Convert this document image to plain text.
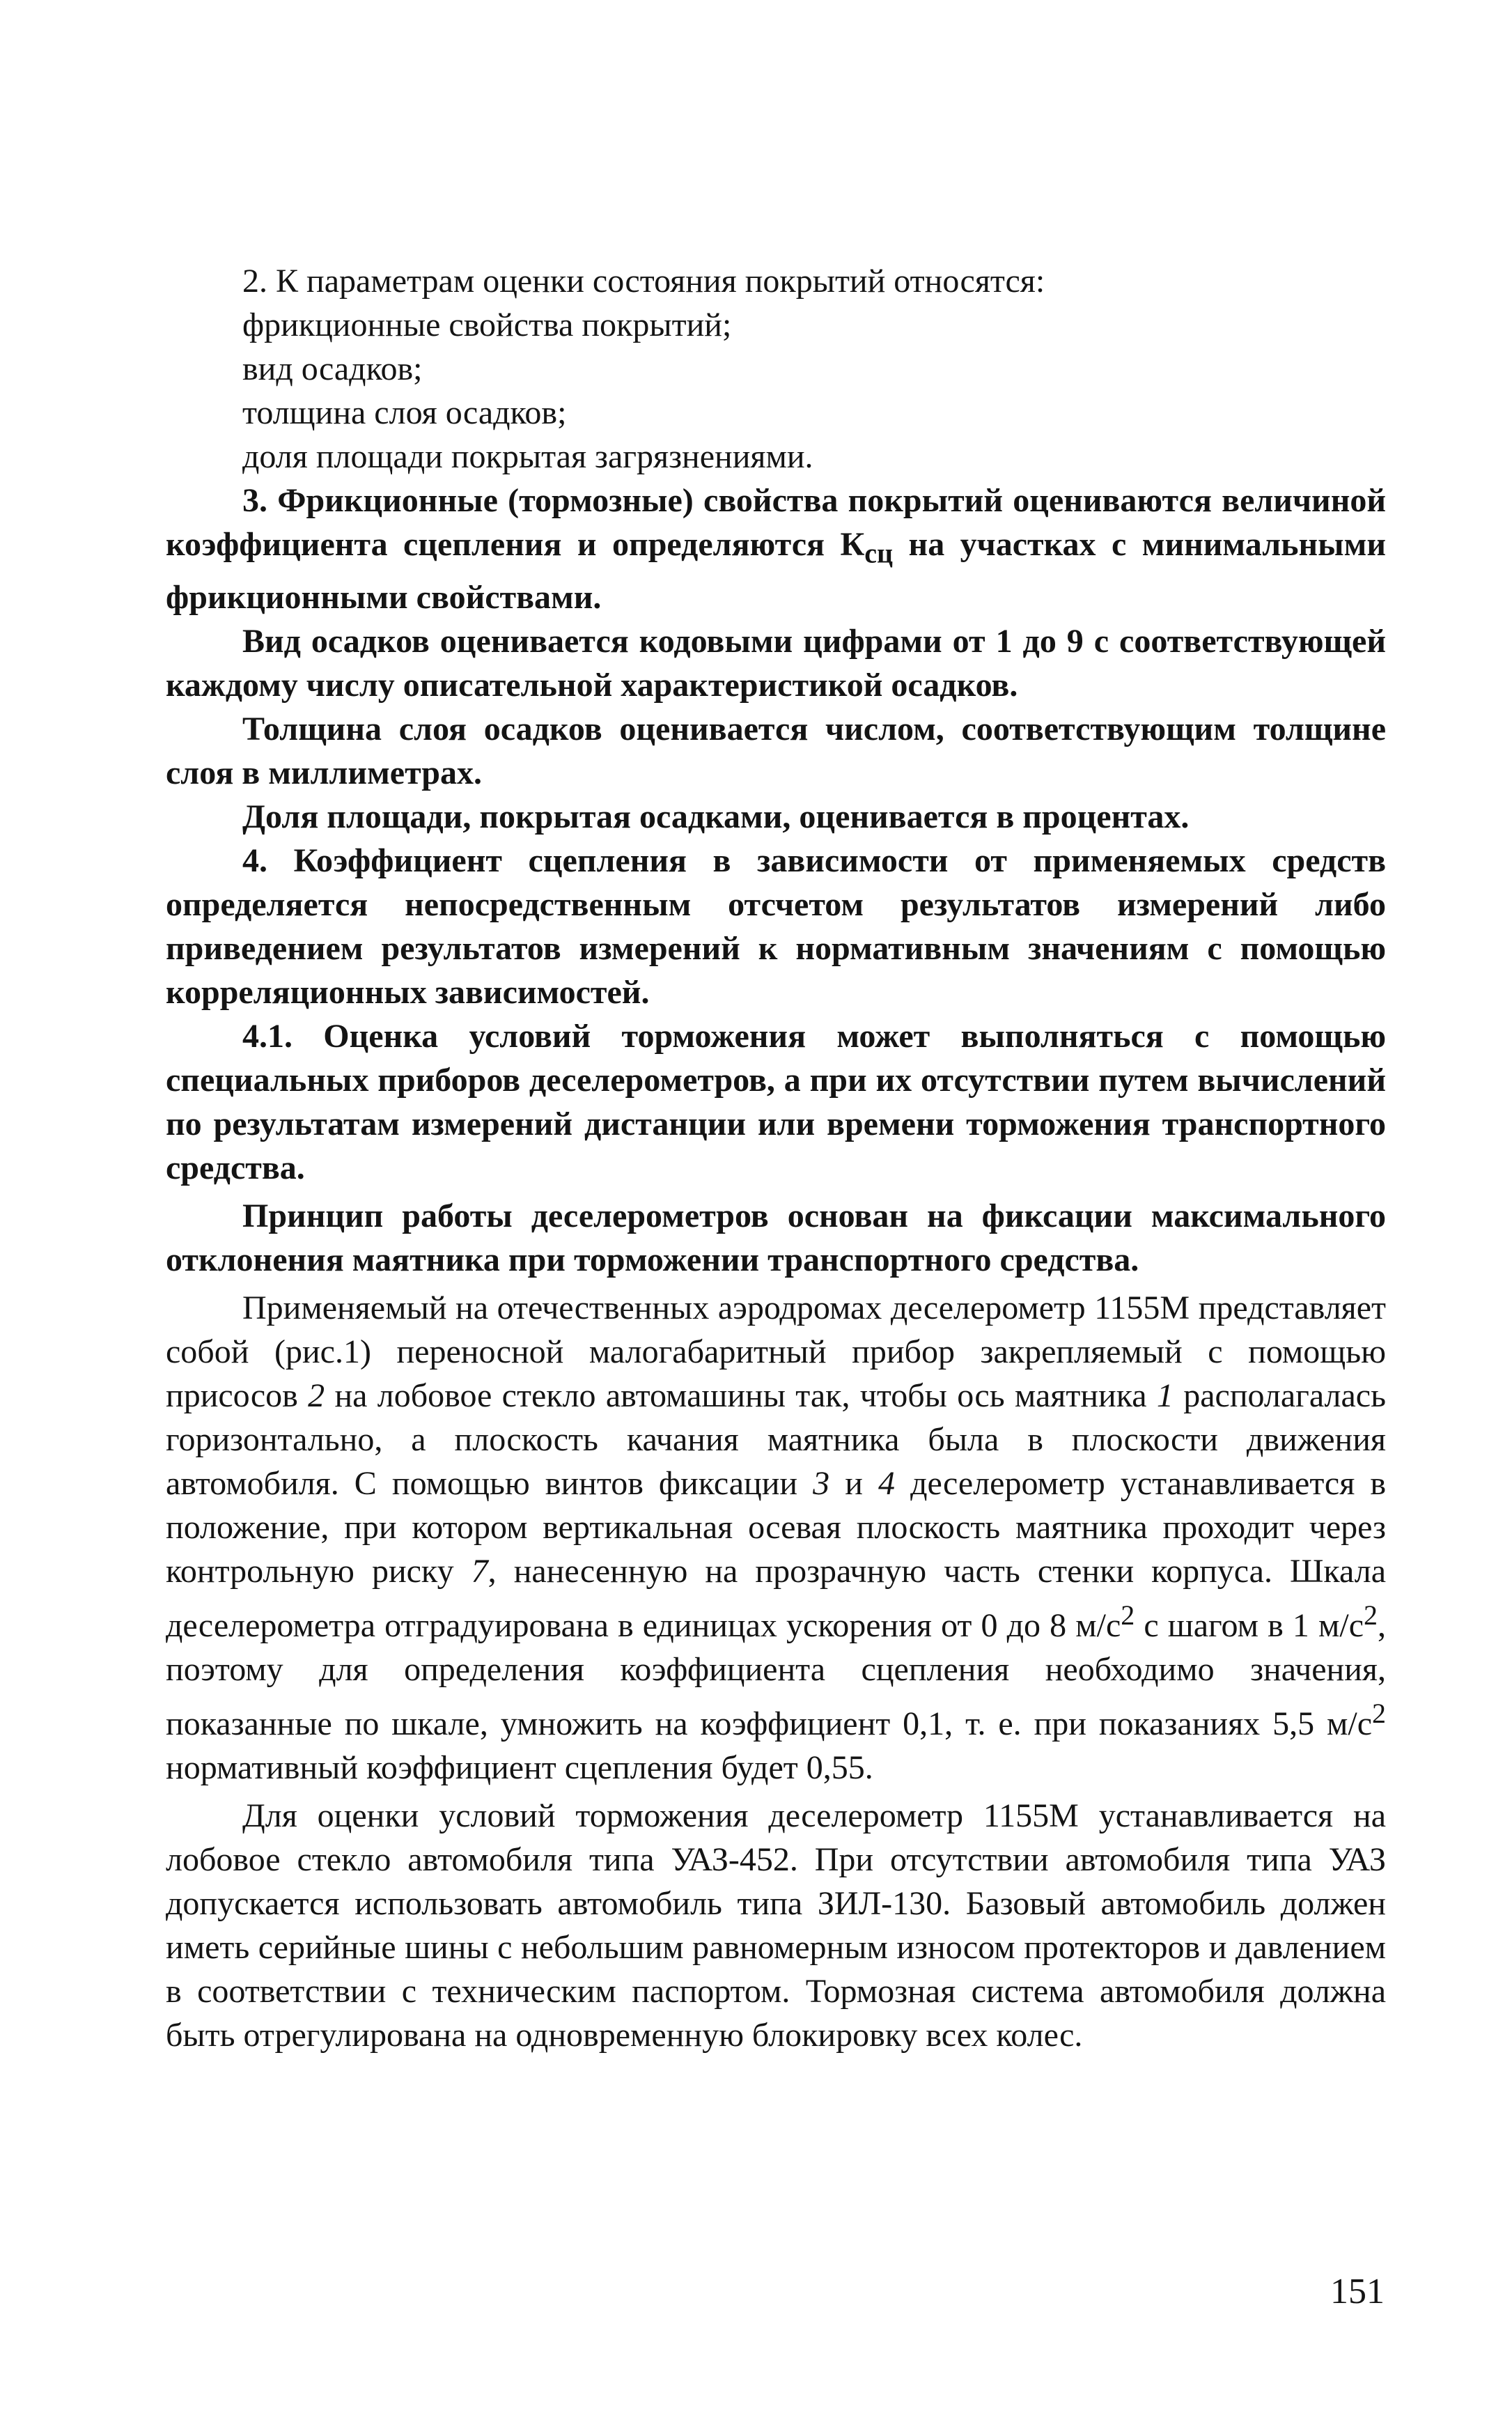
2. К параметрам оценки состояния покрытий относятся:

фрикционные свойства покрытий;

вид осадков;

толщина слоя осадков;

доля площади покрытая загрязнениями.

3. Фрикционные (тормозные) свойства покрытий оцениваются величиной коэффициента сцепления и определяются $К_{сц}$ на участках с минимальными фрикционными свойствами.

Вид осадков оценивается кодовыми цифрами от 1 до 9 с соответствующей каждому числу описательной характеристикой осадков.

Толщина слоя осадков оценивается числом, соответствующим толщине слоя в миллиметрах.

Доля площади, покрытая осадками, оценивается в процентах.

4. Коэффициент сцепления в зависимости от применяемых средств определяется непосредственным отсчетом результатов измерений либо приведением результатов измерений к нормативным значениям с помощью корреляционных зависимостей.

4.1. Оценка условий торможения может выполняться с помощью специальных приборов деселерометров, а при их отсутствии путем вычислений по результатам измерений дистанции или времени торможения транспортного средства.

Принцип работы деселерометров основан на фиксации максимального отклонения маятника при торможении транспортного средства.

Применяемый на отечественных аэродромах деселерометр 1155М представляет собой (рис.1) переносной малогабаритный прибор закрепляемый с помощью присосов 2 на лобовое стекло автомашины так, чтобы ось маятника 1 располагалась горизонтально, а плоскость качания маятника была в плоскости движения автомобиля. С помощью винтов фиксации 3 и 4 деселерометр устанавливается в положение, при котором вертикальная осевая плоскость маятника проходит через контрольную риску 7, нанесенную на прозрачную часть стенки корпуса. Шкала деселерометра отградуирована в единицах ускорения от 0 до 8 $м/с^2$ с шагом в 1 $м/с^2$, поэтому для определения коэффициента сцепления необходимо значения, показанные по шкале, умножить на коэффициент 0,1, т. е. при показаниях 5,5 $м/с^2$ нормативный коэффициент сцепления будет 0,55.

Для оценки условий торможения деселерометр 1155М устанавливается на лобовое стекло автомобиля типа УАЗ-452. При отсутствии автомобиля типа УАЗ допускается использовать автомобиль типа ЗИЛ-130. Базовый автомобиль должен иметь серийные шины с небольшим равномерным износом протекторов и давлением в соответствии с техническим паспортом. Тормозная система автомобиля должна быть отрегулирована на одновременную блокировку всех колес.

151
